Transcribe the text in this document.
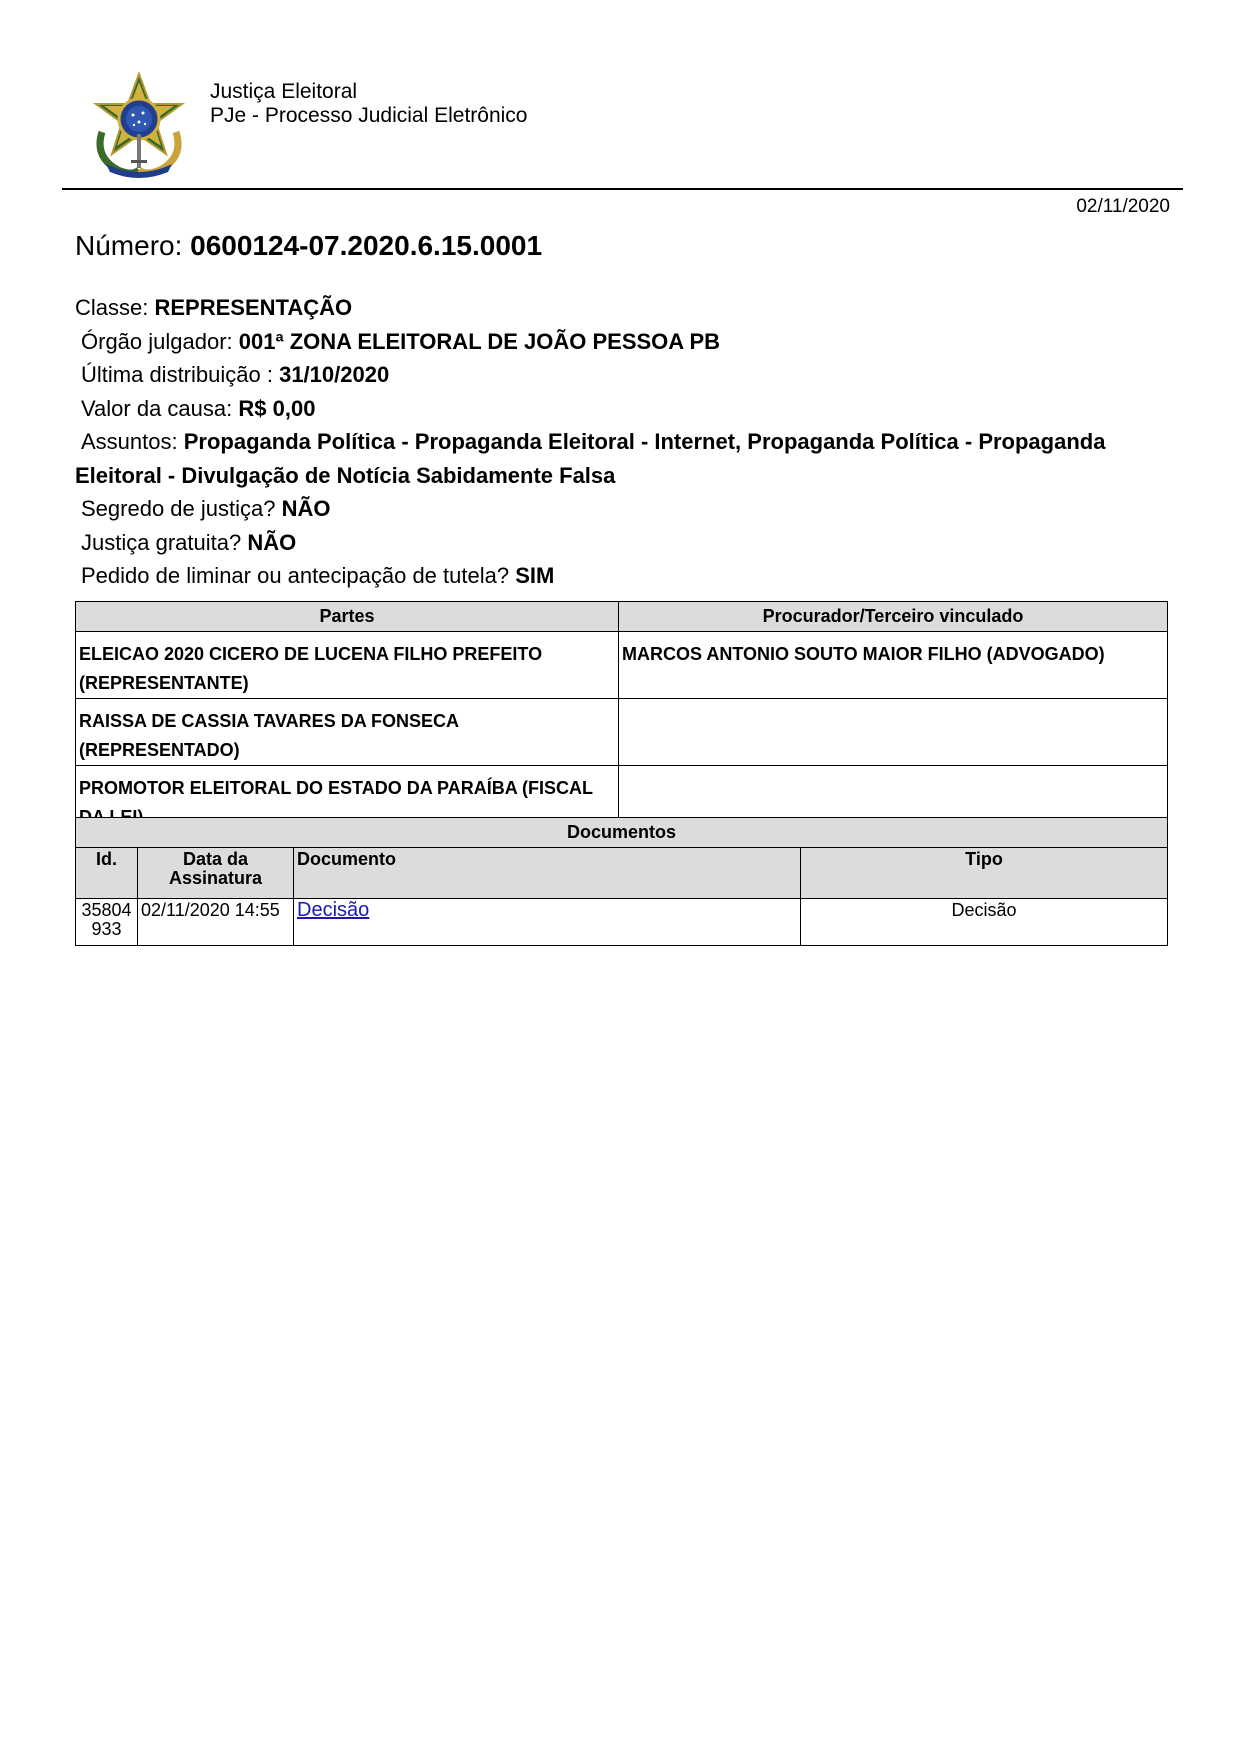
Justiça Eleitoral
PJe - Processo Judicial Eletrônico
02/11/2020
Número: 0600124-07.2020.6.15.0001
Classe: REPRESENTAÇÃO
Órgão julgador: 001ª ZONA ELEITORAL DE JOÃO PESSOA PB
Última distribuição : 31/10/2020
Valor da causa: R$ 0,00
Assuntos: Propaganda Política - Propaganda Eleitoral - Internet, Propaganda Política - Propaganda Eleitoral - Divulgação de Notícia Sabidamente Falsa
Segredo de justiça? NÃO
Justiça gratuita? NÃO
Pedido de liminar ou antecipação de tutela? SIM
Partes	Procurador/Terceiro vinculado
ELEICAO 2020 CICERO DE LUCENA FILHO PREFEITO (REPRESENTANTE)	MARCOS ANTONIO SOUTO MAIOR FILHO (ADVOGADO)
RAISSA DE CASSIA TAVARES DA FONSECA (REPRESENTADO)	
PROMOTOR ELEITORAL DO ESTADO DA PARAÍBA (FISCAL	
Documentos			
Id.	Data da Assinatura	Documento	Tipo
35804933	02/11/2020 14:55	Decisão	Decisão
